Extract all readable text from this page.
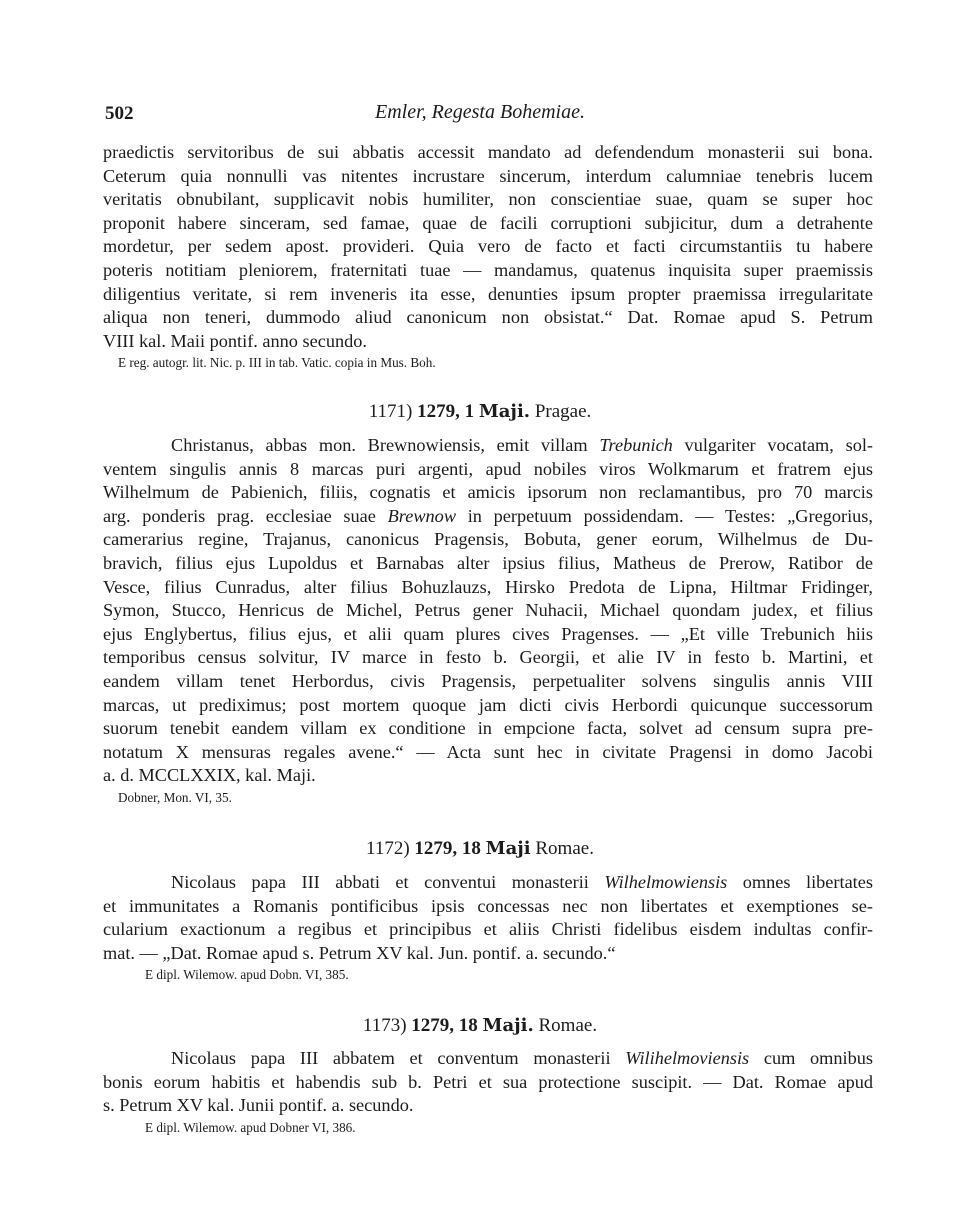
502	Emler, Regesta Bohemiae.
praedictis servitoribus de sui abbatis accessit mandato ad defendendum monasterii sui bona.
Ceterum quia nonnulli vas nitentes incrustare sincerum, interdum calumniae tenebris lucem
veritatis obnubilant, supplicavit nobis humiliter, non conscientiae suae, quam se super hoc
proponit habere sinceram, sed famae, quae de facili corruptioni subjicitur, dum a detrahente
mordetur, per sedem apost. provideri. Quia vero de facto et facti circumstantiis tu habere
poteris notitiam pleniorem, fraternitati tuae — mandamus, quatenus inquisita super praemissis
diligentius veritate, si rem inveneris ita esse, denunties ipsum propter praemissa irregularitate
aliqua non teneri, dummodo aliud canonicum non obsistat.“ Dat. Romae apud S. Petrum
VIII kal. Maii pontif. anno secundo.
E reg. autogr. lit. Nic. p. III in tab. Vatic. copia in Mus. Boh.
1171) 1279, 1 Maji. Pragae.
Christanus, abbas mon. Brewnowiensis, emit villam Trebunich vulgariter vocatam, sol-
ventem singulis annis 8 marcas puri argenti, apud nobiles viros Wolkmarum et fratrem ejus
Wilhelmum de Pabienich, filiis, cognatis et amicis ipsorum non reclamantibus, pro 70 marcis
arg. ponderis prag. ecclesiae suae Brewnow in perpetuum possidendam. — Testes: „Gregorius,
camerarius regine, Trajanus, canonicus Pragensis, Bobuta, gener eorum, Wilhelmus de Du-
bravich, filius ejus Lupoldus et Barnabas alter ipsius filius, Matheus de Prerow, Ratibor de
Vesce, filius Cunradus, alter filius Bohuzlauzs, Hirsko Predota de Lipna, Hiltmar Fridinger,
Symon, Stucco, Henricus de Michel, Petrus gener Nuhacii, Michael quondam judex, et filius
ejus Englybertus, filius ejus, et alii quam plures cives Pragenses. — „Et ville Trebunich hiis
temporibus census solvitur, IV marce in festo b. Georgii, et alie IV in festo b. Martini, et
eandem villam tenet Herbordus, civis Pragensis, perpetualiter solvens singulis annis VIII
marcas, ut prediximus; post mortem quoque jam dicti civis Herbordi quicunque successorum
suorum tenebit eandem villam ex conditione in empcione facta, solvet ad censum supra pre-
notatum X mensuras regales avene.“ — Acta sunt hec in civitate Pragensi in domo Jacobi
a. d. MCCLXXIX, kal. Maji.
Dobner, Mon. VI, 35.
1172) 1279, 18 Maji Romae.
Nicolaus papa III abbati et conventui monasterii Wilhelmowiensis omnes libertates
et immunitates a Romanis pontificibus ipsis concessas nec non libertates et exemptiones se-
cularium exactionum a regibus et principibus et aliis Christi fidelibus eisdem indultas confir-
mat. — „Dat. Romae apud s. Petrum XV kal. Jun. pontif. a. secundo.“
E dipl. Wilemow. apud Dobn. VI, 385.
1173) 1279, 18 Maji. Romae.
Nicolaus papa III abbatem et conventum monasterii Wilihelmoviensis cum omnibus
bonis eorum habitis et habendis sub b. Petri et sua protectione suscipit. — Dat. Romae apud
s. Petrum XV kal. Junii pontif. a. secundo.
E dipl. Wilemow. apud Dobner VI, 386.
